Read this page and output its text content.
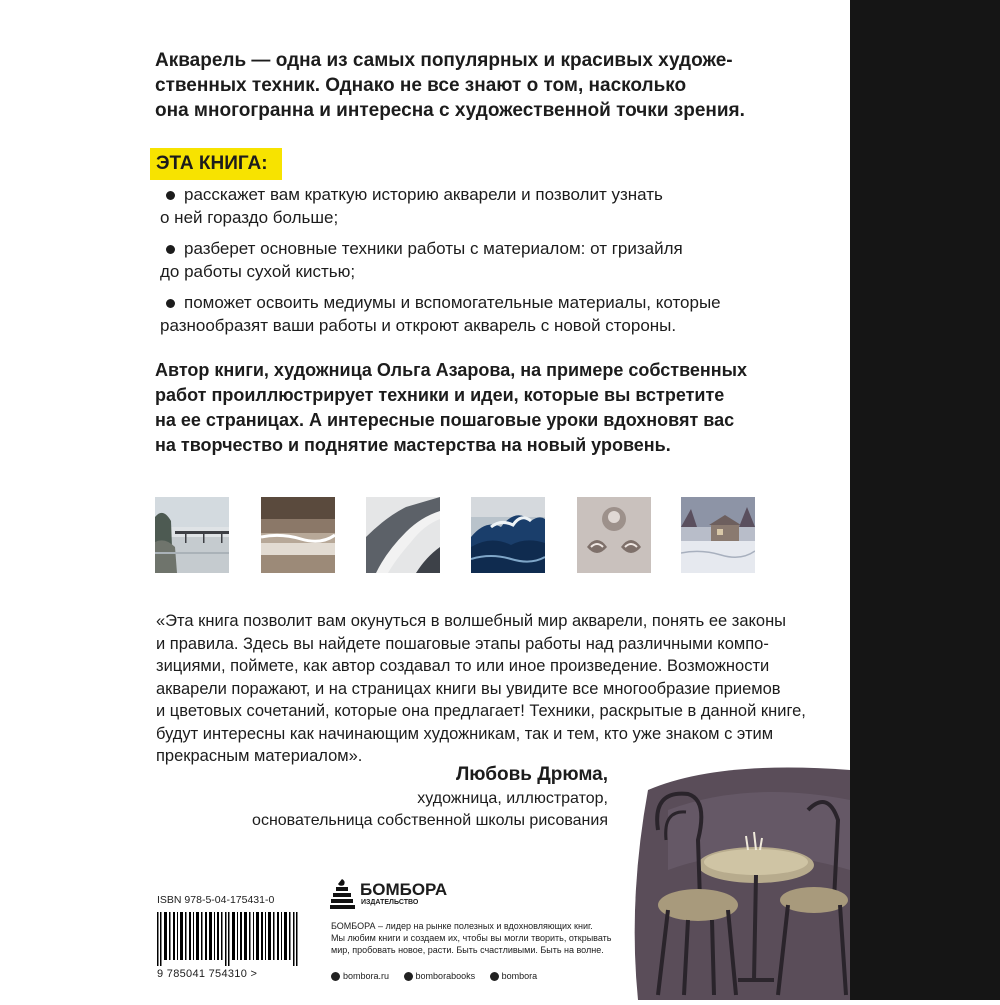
Акварель — одна из самых популярных и красивых художе-
ственных техник. Однако не все знают о том, насколько
она многогранна и интересна с художественной точки зрения.
ЭТА КНИГА:
расскажет вам краткую историю акварели и позволит узнать
о ней гораздо больше;
разберет основные техники работы с материалом: от гризайля
до работы сухой кистью;
поможет освоить медиумы и вспомогательные материалы, которые
разнообразят ваши работы и откроют акварель с новой стороны.
Автор книги, художница Ольга Азарова, на примере собственных
работ проиллюстрирует техники и идеи, которые вы встретите
на ее страницах. А интересные пошаговые уроки вдохновят вас
на творчество и поднятие мастерства на новый уровень.
«Эта книга позволит вам окунуться в волшебный мир акварели, понять ее законы
и правила. Здесь вы найдете пошаговые этапы работы над различными компо-
зициями, поймете, как автор создавал то или иное произведение. Возможности
акварели поражают, и на страницах книги вы увидите все многообразие приемов
и цветовых сочетаний, которые она предлагает! Техники, раскрытые в данной книге,
будут интересны как начинающим художникам, так и тем, кто уже знаком с этим
прекрасным материалом».
Любовь Дрюма,
художница, иллюстратор,
основательница собственной школы рисования
ISBN 978-5-04-175431-0
9 785041 754310 >
БОМБОРА
ИЗДАТЕЛЬСТВО
БОМБОРА – лидер на рынке полезных и вдохновляющих книг.
Мы любим книги и создаем их, чтобы вы могли творить, открывать
мир, пробовать новое, расти. Быть счастливыми. Быть на волне.
bombora.ru	bomborabooks	bombora
